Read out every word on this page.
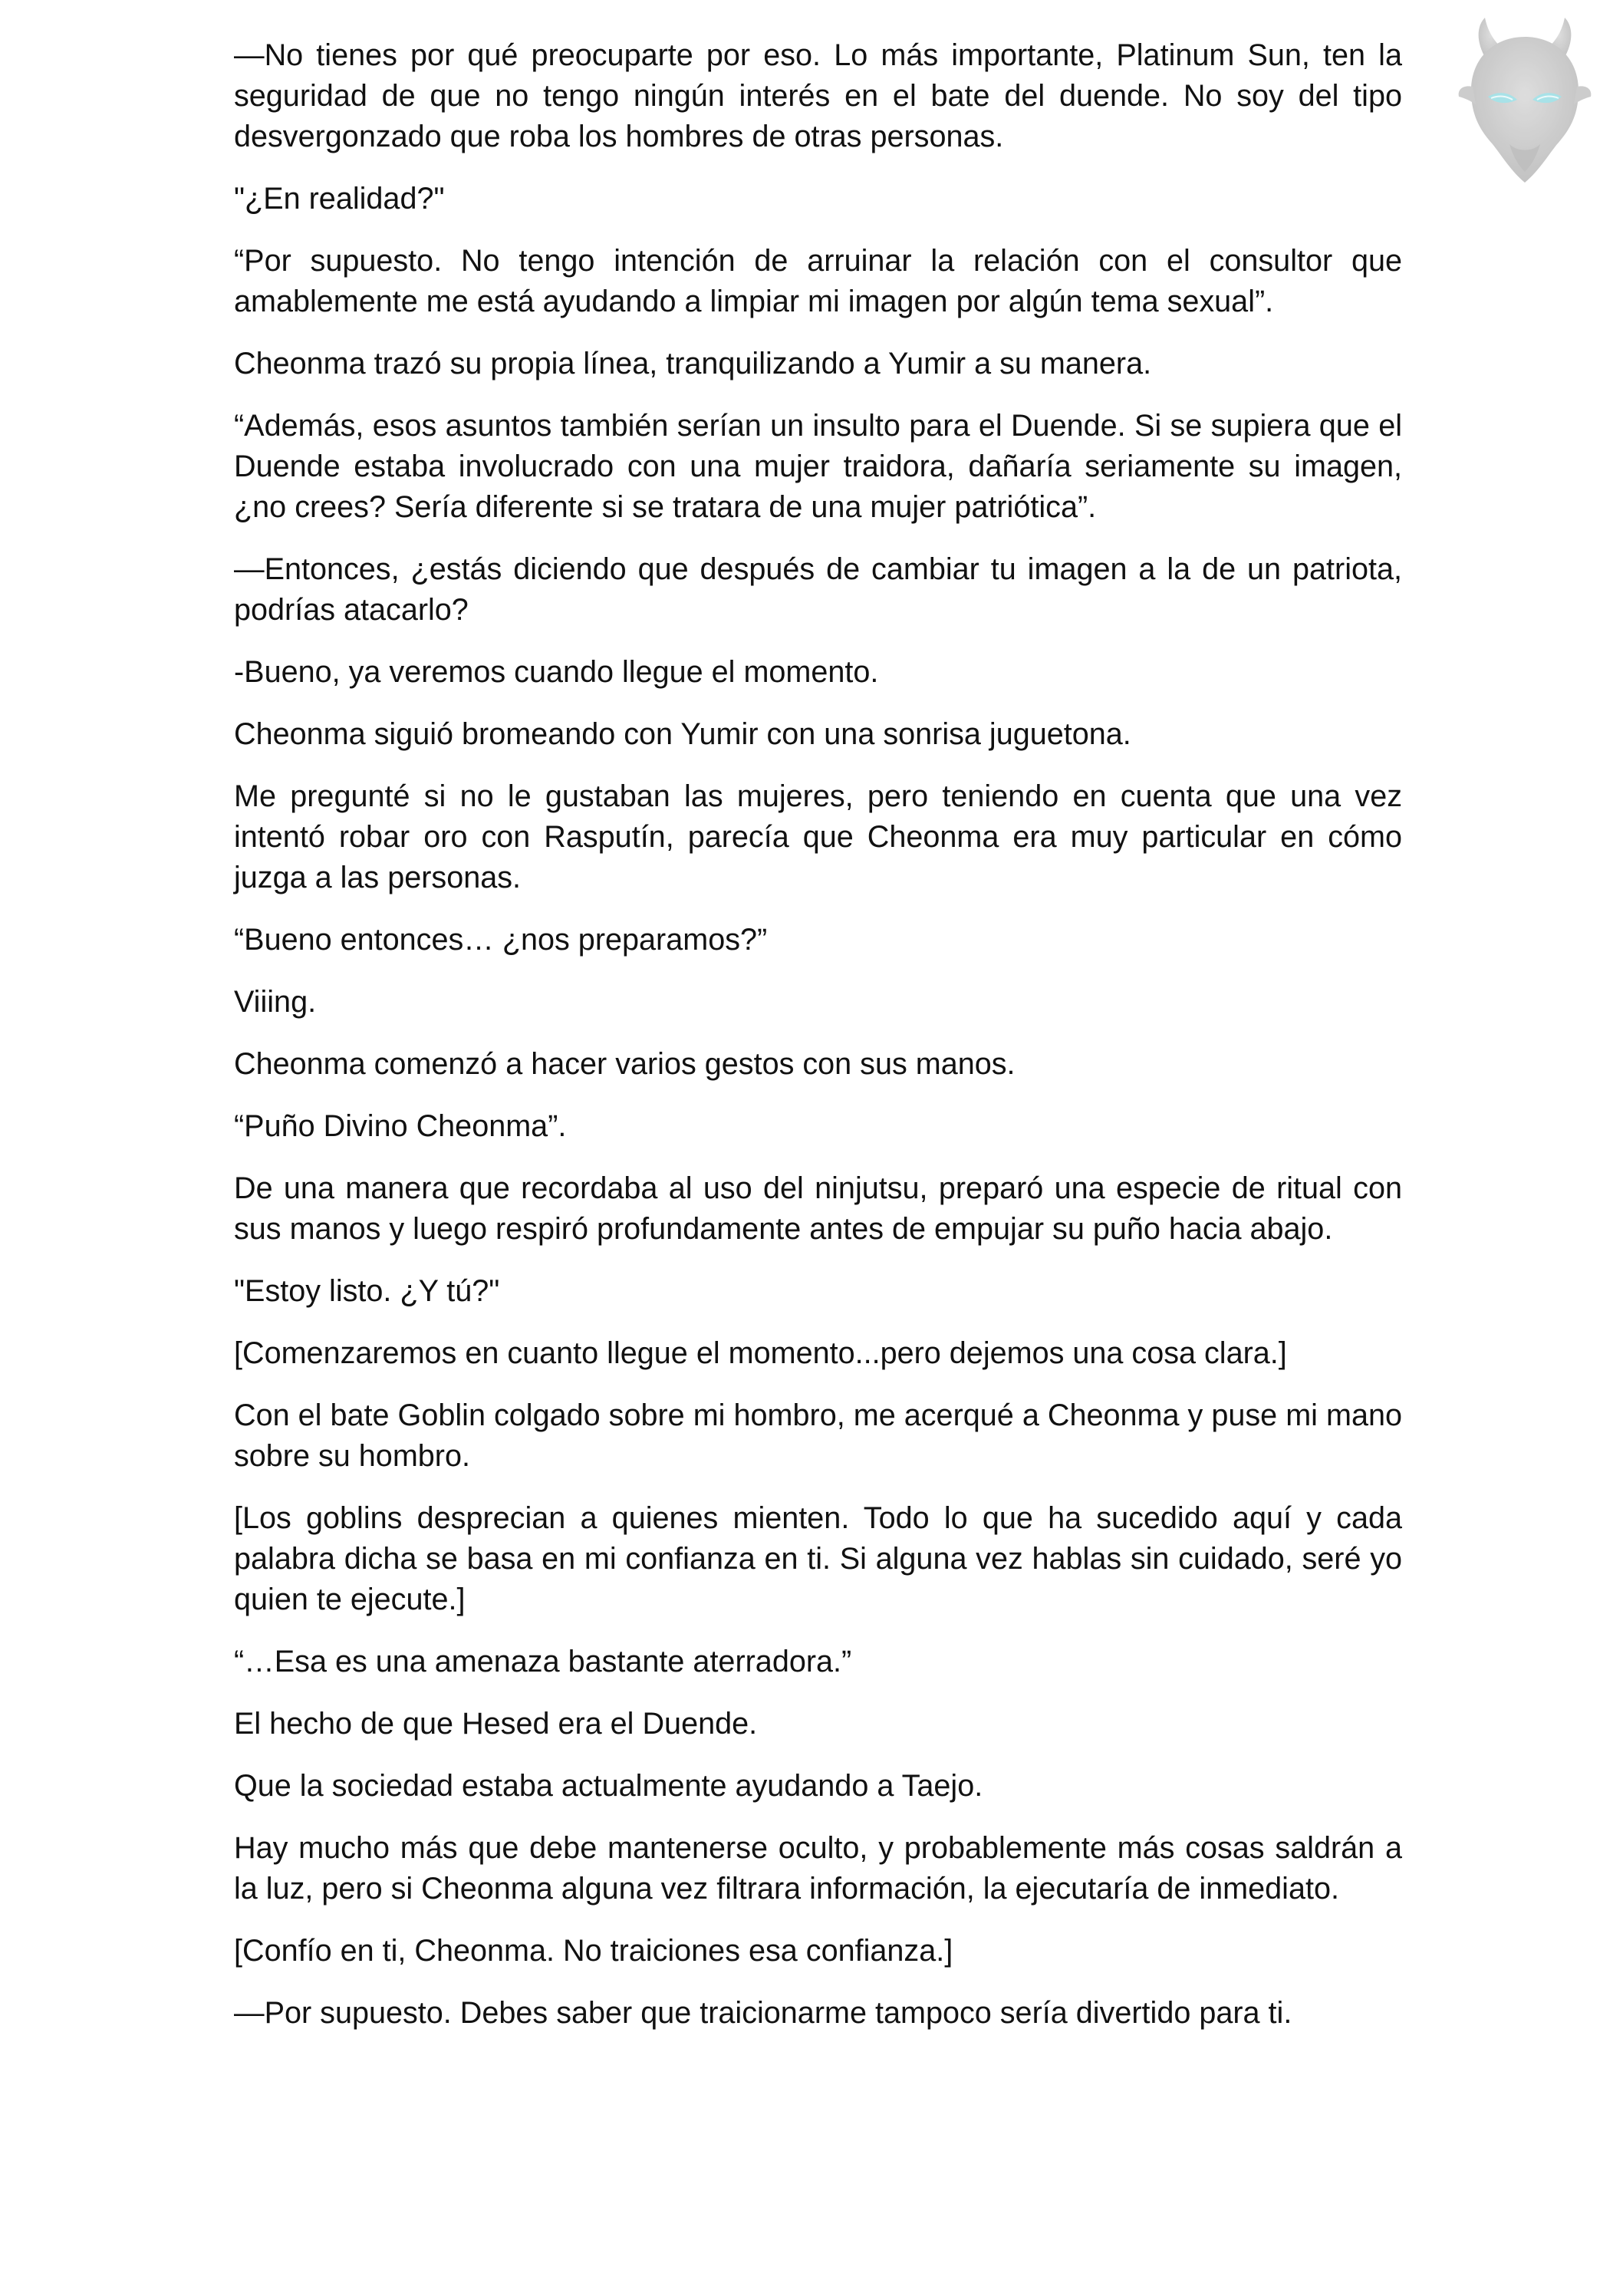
—No tienes por qué preocuparte por eso. Lo más importante, Platinum Sun, ten la seguridad de que no tengo ningún interés en el bate del duende. No soy del tipo desvergonzado que roba los hombres de otras personas.

"¿En realidad?"

“Por supuesto. No tengo intención de arruinar la relación con el consultor que amablemente me está ayudando a limpiar mi imagen por algún tema sexual”.

Cheonma trazó su propia línea, tranquilizando a Yumir a su manera.

“Además, esos asuntos también serían un insulto para el Duende. Si se supiera que el Duende estaba involucrado con una mujer traidora, dañaría seriamente su imagen, ¿no crees? Sería diferente si se tratara de una mujer patriótica”.

—Entonces, ¿estás diciendo que después de cambiar tu imagen a la de un patriota, podrías atacarlo?

-Bueno, ya veremos cuando llegue el momento.

Cheonma siguió bromeando con Yumir con una sonrisa juguetona.

Me pregunté si no le gustaban las mujeres, pero teniendo en cuenta que una vez intentó robar oro con Rasputín, parecía que Cheonma era muy particular en cómo juzga a las personas.

“Bueno entonces… ¿nos preparamos?”

Viiing.

Cheonma comenzó a hacer varios gestos con sus manos.

“Puño Divino Cheonma”.

De una manera que recordaba al uso del ninjutsu, preparó una especie de ritual con sus manos y luego respiró profundamente antes de empujar su puño hacia abajo.

"Estoy listo. ¿Y tú?"

[Comenzaremos en cuanto llegue el momento...pero dejemos una cosa clara.]

Con el bate Goblin colgado sobre mi hombro, me acerqué a Cheonma y puse mi mano sobre su hombro.

[Los goblins desprecian a quienes mienten. Todo lo que ha sucedido aquí y cada palabra dicha se basa en mi confianza en ti. Si alguna vez hablas sin cuidado, seré yo quien te ejecute.]

“…Esa es una amenaza bastante aterradora.”

El hecho de que Hesed era el Duende.

Que la sociedad estaba actualmente ayudando a Taejo.

Hay mucho más que debe mantenerse oculto, y probablemente más cosas saldrán a la luz, pero si Cheonma alguna vez filtrara información, la ejecutaría de inmediato.

[Confío en ti, Cheonma. No traiciones esa confianza.]

—Por supuesto. Debes saber que traicionarme tampoco sería divertido para ti.
